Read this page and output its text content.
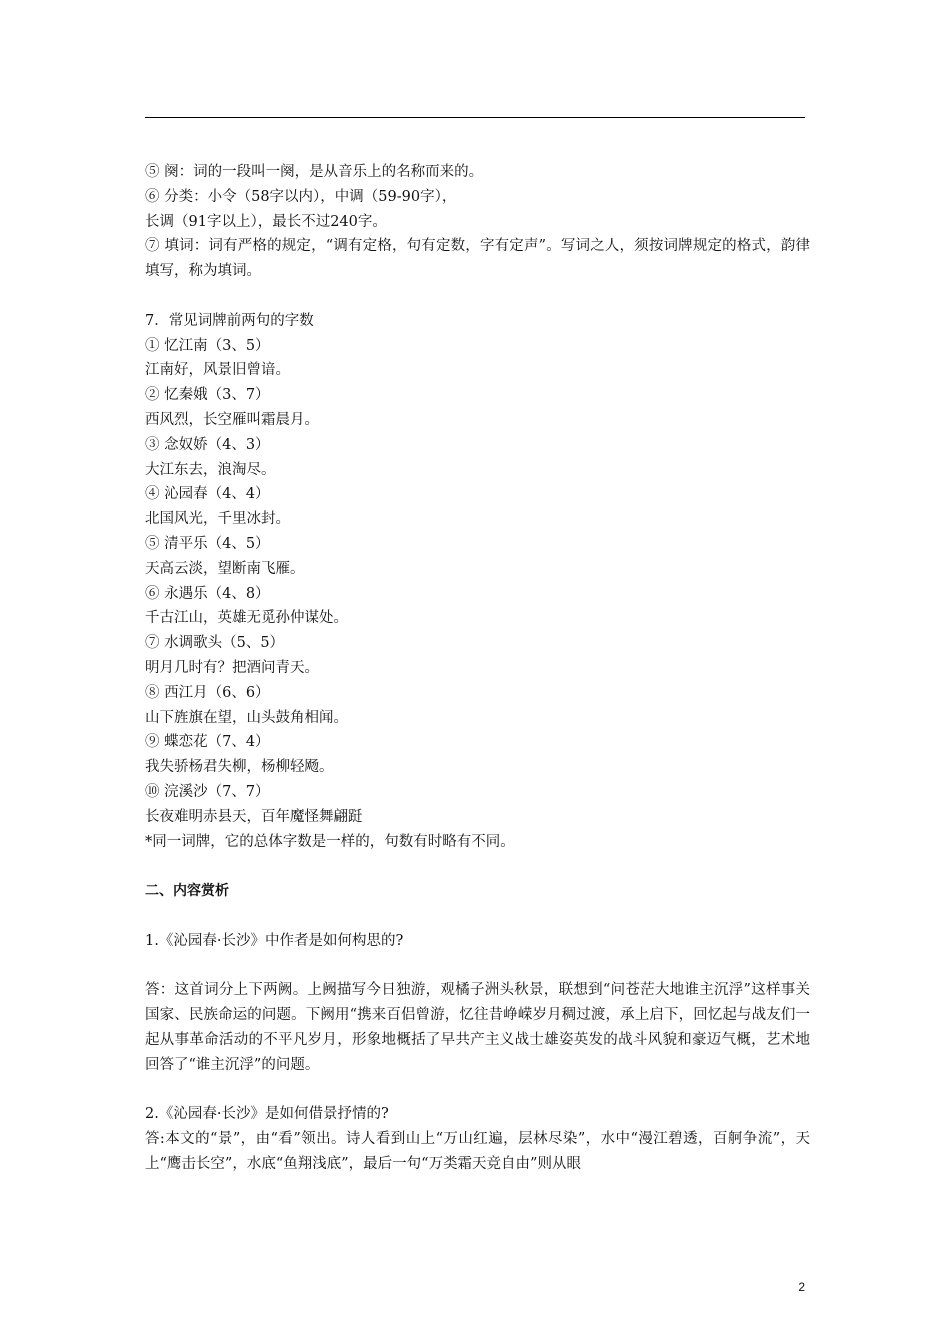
⑤ 阕：词的一段叫一阕，是从音乐上的名称而来的。
⑥ 分类：小令（58字以内），中调（59-90字），
长调（91字以上），最长不过240字。
⑦ 填词：词有严格的规定，“调有定格，句有定数，字有定声”。写词之人，须按词牌规定的格式，韵律填写，称为填词。
7．常见词牌前两句的字数
① 忆江南（3、5）
江南好，风景旧曾谙。
② 忆秦娥（3、7）
西风烈，长空雁叫霜晨月。
③ 念奴娇（4、3）
大江东去，浪淘尽。
④ 沁园春（4、4）
北国风光，千里冰封。
⑤ 清平乐（4、5）
天高云淡，望断南飞雁。
⑥ 永遇乐（4、8）
千古江山，英雄无觅孙仲谋处。
⑦ 水调歌头（5、5）
明月几时有？把酒问青天。
⑧ 西江月（6、6）
山下旌旗在望，山头鼓角相闻。
⑨ 蝶恋花（7、4）
我失骄杨君失柳，杨柳轻飏。
⑩ 浣溪沙（7、7）
长夜难明赤县天，百年魔怪舞翩跹
*同一词牌，它的总体字数是一样的，句数有时略有不同。
二、内容赏析
1.《沁园春·长沙》中作者是如何构思的?
答：这首词分上下两阙。上阙描写今日独游，观橘子洲头秋景，联想到“问苍茫大地谁主沉浮”这样事关国家、民族命运的问题。下阙用“携来百侣曾游，忆往昔峥嵘岁月稠过渡，承上启下，回忆起与战友们一起从事革命活动的不平凡岁月，形象地概括了早共产主义战士雄姿英发的战斗风貌和豪迈气概，艺术地回答了“谁主沉浮”的问题。
2.《沁园春·长沙》是如何借景抒情的?
答:本文的“景”，由“看”领出。诗人看到山上“万山红遍，层林尽染”，水中“漫江碧透，百舸争流”，天上“鹰击长空”，水底“鱼翔浅底”，最后一句“万类霜天竞自由”则从眼
2
